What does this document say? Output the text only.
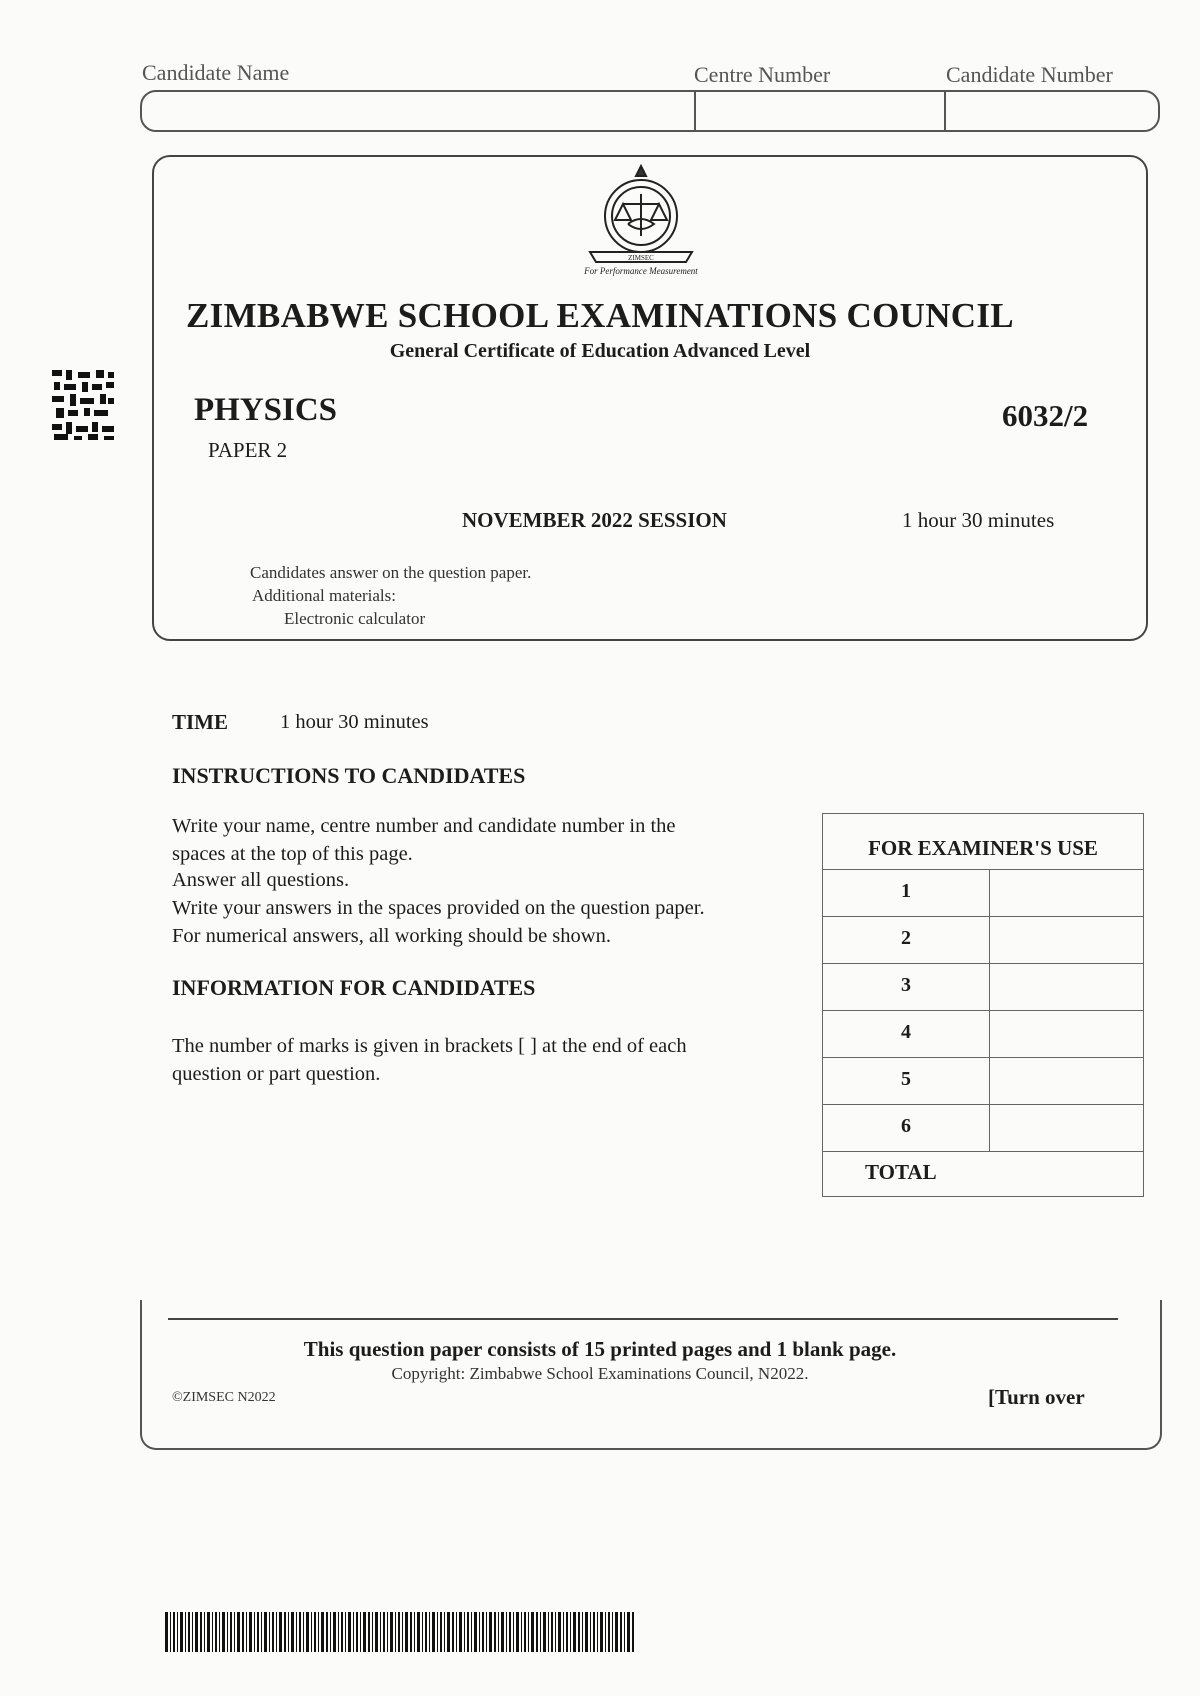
Candidate Name	Centre Number	Candidate Number
ZIMSEC
For Performance Measurement
ZIMBABWE SCHOOL EXAMINATIONS COUNCIL
General Certificate of Education Advanced Level
PHYSICS
PAPER 2
6032/2
NOVEMBER 2022 SESSION	1 hour 30 minutes
Candidates answer on the question paper.
Additional materials:
Electronic calculator
TIME	1 hour 30 minutes
INSTRUCTIONS TO CANDIDATES
Write your name, centre number and candidate number in the
spaces at the top of this page.
Answer all questions.
Write your answers in the spaces provided on the question paper.
For numerical answers, all working should be shown.
INFORMATION FOR CANDIDATES
The number of marks is given in brackets [ ] at the end of each
question or part question.
FOR EXAMINER'S USE
1
2
3
4
5
6
TOTAL
This question paper consists of 15 printed pages and 1 blank page.
Copyright: Zimbabwe School Examinations Council, N2022.
©ZIMSEC N2022	[Turn over
